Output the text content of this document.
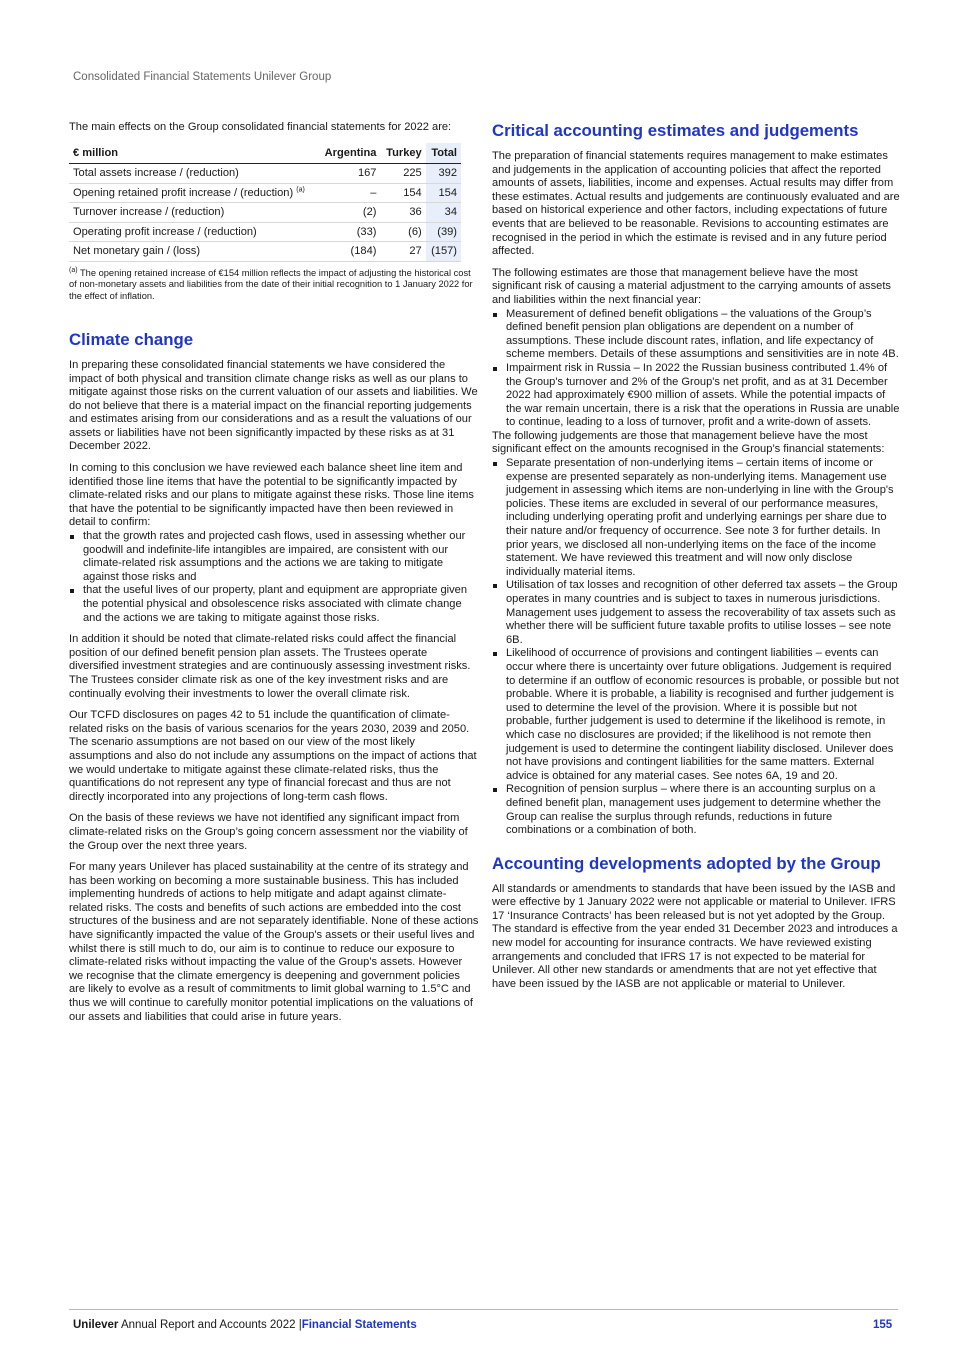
Consolidated Financial Statements Unilever Group

The main effects on the Group consolidated financial statements for 2022 are:

€ million	Argentina	Turkey	Total
Total assets increase / (reduction)	167	225	392
Opening retained profit increase / (reduction) $^{(a)}$	–	154	154
Turnover increase / (reduction)	(2)	36	34
Operating profit increase / (reduction)	(33)	(6)	(39)
Net monetary gain / (loss)	(184)	27	(157)
$^{(a)}$ The opening retained increase of €154 million reflects the impact of adjusting the historical cost of non-monetary assets and liabilities from the date of their initial recognition to 1 January 2022 for the effect of inflation.
Climate change

In preparing these consolidated financial statements we have considered the impact of both physical and transition climate change risks as well as our plans to mitigate against those risks on the current valuation of our assets and liabilities. We do not believe that there is a material impact on the financial reporting judgements and estimates arising from our considerations and as a result the valuations of our assets or liabilities have not been significantly impacted by these risks as at 31 December 2022.

In coming to this conclusion we have reviewed each balance sheet line item and identified those line items that have the potential to be significantly impacted by climate-related risks and our plans to mitigate against these risks. Those line items that have the potential to be significantly impacted have then been reviewed in detail to confirm:

that the growth rates and projected cash flows, used in assessing whether our goodwill and indefinite-life intangibles are impaired, are consistent with our climate-related risk assumptions and the actions we are taking to mitigate against those risks and
that the useful lives of our property, plant and equipment are appropriate given the potential physical and obsolescence risks associated with climate change and the actions we are taking to mitigate against those risks.

In addition it should be noted that climate-related risks could affect the financial position of our defined benefit pension plan assets. The Trustees operate diversified investment strategies and are continuously assessing investment risks. The Trustees consider climate risk as one of the key investment risks and are continually evolving their investments to lower the overall climate risk.

Our TCFD disclosures on pages 42 to 51 include the quantification of climate-related risks on the basis of various scenarios for the years 2030, 2039 and 2050. The scenario assumptions are not based on our view of the most likely assumptions and also do not include any assumptions on the impact of actions that we would undertake to mitigate against these climate-related risks, thus the quantifications do not represent any type of financial forecast and thus are not directly incorporated into any projections of long-term cash flows.

On the basis of these reviews we have not identified any significant impact from climate-related risks on the Group’s going concern assessment nor the viability of the Group over the next three years.

For many years Unilever has placed sustainability at the centre of its strategy and has been working on becoming a more sustainable business. This has included implementing hundreds of actions to help mitigate and adapt against climate-related risks. The costs and benefits of such actions are embedded into the cost structures of the business and are not separately identifiable. None of these actions have significantly impacted the value of the Group's assets or their useful lives and whilst there is still much to do, our aim is to continue to reduce our exposure to climate-related risks without impacting the value of the Group’s assets. However we recognise that the climate emergency is deepening and government policies are likely to evolve as a result of commitments to limit global warning to 1.5°C and thus we will continue to carefully monitor potential implications on the valuations of our assets and liabilities that could arise in future years.

Critical accounting estimates and judgements

The preparation of financial statements requires management to make estimates and judgements in the application of accounting policies that affect the reported amounts of assets, liabilities, income and expenses. Actual results may differ from these estimates. Actual results and judgements are continuously evaluated and are based on historical experience and other factors, including expectations of future events that are believed to be reasonable. Revisions to accounting estimates are recognised in the period in which the estimate is revised and in any future period affected.

The following estimates are those that management believe have the most significant risk of causing a material adjustment to the carrying amounts of assets and liabilities within the next financial year:

Measurement of defined benefit obligations – the valuations of the Group’s defined benefit pension plan obligations are dependent on a number of assumptions. These include discount rates, inflation, and life expectancy of scheme members. Details of these assumptions and sensitivities are in note 4B.
Impairment risk in Russia – In 2022 the Russian business contributed 1.4% of the Group's turnover and 2% of the Group's net profit, and as at 31 December 2022 had approximately €900 million of assets. While the potential impacts of the war remain uncertain, there is a risk that the operations in Russia are unable to continue, leading to a loss of turnover, profit and a write-down of assets.

The following judgements are those that management believe have the most significant effect on the amounts recognised in the Group’s financial statements:

Separate presentation of non-underlying items – certain items of income or expense are presented separately as non-underlying items. Management use judgement in assessing which items are non-underlying in line with the Group's policies. These items are excluded in several of our performance measures, including underlying operating profit and underlying earnings per share due to their nature and/or frequency of occurrence. See note 3 for further details. In prior years, we disclosed all non-underlying items on the face of the income statement. We have reviewed this treatment and will now only disclose individually material items.
Utilisation of tax losses and recognition of other deferred tax assets – the Group operates in many countries and is subject to taxes in numerous jurisdictions. Management uses judgement to assess the recoverability of tax assets such as whether there will be sufficient future taxable profits to utilise losses – see note 6B.
Likelihood of occurrence of provisions and contingent liabilities – events can occur where there is uncertainty over future obligations. Judgement is required to determine if an outflow of economic resources is probable, or possible but not probable. Where it is probable, a liability is recognised and further judgement is used to determine the level of the provision. Where it is possible but not probable, further judgement is used to determine if the likelihood is remote, in which case no disclosures are provided; if the likelihood is not remote then judgement is used to determine the contingent liability disclosed. Unilever does not have provisions and contingent liabilities for the same matters. External advice is obtained for any material cases. See notes 6A, 19 and 20.
Recognition of pension surplus – where there is an accounting surplus on a defined benefit plan, management uses judgement to determine whether the Group can realise the surplus through refunds, reductions in future combinations or a combination of both.
Accounting developments adopted by the Group

All standards or amendments to standards that have been issued by the IASB and were effective by 1 January 2022 were not applicable or material to Unilever. IFRS 17 ‘Insurance Contracts’ has been released but is not yet adopted by the Group. The standard is effective from the year ended 31 December 2023 and introduces a new model for accounting for insurance contracts. We have reviewed existing arrangements and concluded that IFRS 17 is not expected to be material for Unilever. All other new standards or amendments that are not yet effective that have been issued by the IASB are not applicable or material to Unilever.

Unilever Annual Report and Accounts 2022 |Financial Statements	155
